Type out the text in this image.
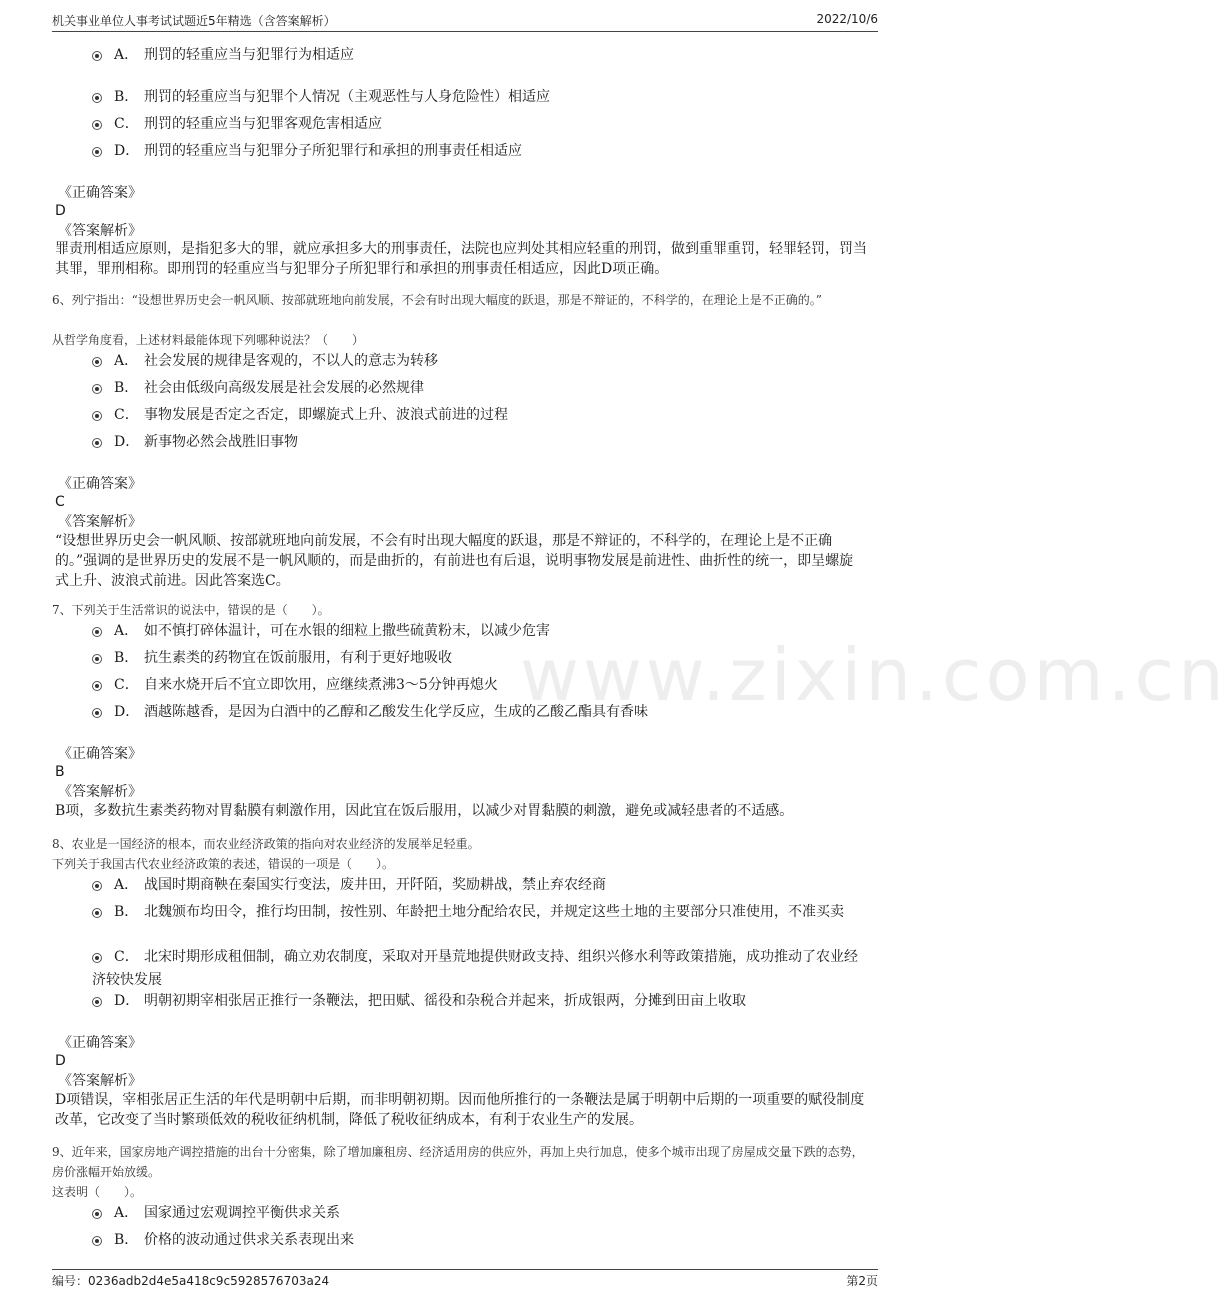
机关事业单位人事考试试题近5年精选（含答案解析）	2022/10/6
www.zixin.com.cn
A． 刑罚的轻重应当与犯罪行为相适应
B． 刑罚的轻重应当与犯罪个人情况（主观恶性与人身危险性）相适应
C． 刑罚的轻重应当与犯罪客观危害相适应
D． 刑罚的轻重应当与犯罪分子所犯罪行和承担的刑事责任相适应
《正确答案》
D
《答案解析》
罪责刑相适应原则，是指犯多大的罪，就应承担多大的刑事责任，法院也应判处其相应轻重的刑罚，做到重罪重罚，轻罪轻罚，罚当其罪，罪刑相称。即刑罚的轻重应当与犯罪分子所犯罪行和承担的刑事责任相适应，因此D项正确。
6、列宁指出：“设想世界历史会一帆风顺、按部就班地向前发展，不会有时出现大幅度的跃退，那是不辩证的，不科学的，在理论上是不正确的。”
从哲学角度看，上述材料最能体现下列哪种说法？（　　）
A． 社会发展的规律是客观的，不以人的意志为转移
B． 社会由低级向高级发展是社会发展的必然规律
C． 事物发展是否定之否定，即螺旋式上升、波浪式前进的过程
D． 新事物必然会战胜旧事物
《正确答案》
C
《答案解析》
“设想世界历史会一帆风顺、按部就班地向前发展，不会有时出现大幅度的跃退，那是不辩证的，不科学的，在理论上是不正确的。”强调的是世界历史的发展不是一帆风顺的，而是曲折的，有前进也有后退，说明事物发展是前进性、曲折性的统一，即呈螺旋式上升、波浪式前进。因此答案选C。
7、下列关于生活常识的说法中，错误的是（　　）。
A． 如不慎打碎体温计，可在水银的细粒上撒些硫黄粉末，以减少危害
B． 抗生素类的药物宜在饭前服用，有利于更好地吸收
C． 自来水烧开后不宜立即饮用，应继续煮沸3～5分钟再熄火
D． 酒越陈越香，是因为白酒中的乙醇和乙酸发生化学反应，生成的乙酸乙酯具有香味
《正确答案》
B
《答案解析》
B项，多数抗生素类药物对胃黏膜有刺激作用，因此宜在饭后服用，以减少对胃黏膜的刺激，避免或减轻患者的不适感。
8、农业是一国经济的根本，而农业经济政策的指向对农业经济的发展举足轻重。
下列关于我国古代农业经济政策的表述，错误的一项是（　　）。
A． 战国时期商鞅在秦国实行变法，废井田，开阡陌，奖励耕战，禁止弃农经商
B． 北魏颁布均田令，推行均田制，按性别、年龄把土地分配给农民，并规定这些土地的主要部分只准使用，不准买卖
C． 北宋时期形成租佃制，确立劝农制度，采取对开垦荒地提供财政支持、组织兴修水利等政策措施，成功推动了农业经济较快发展
D． 明朝初期宰相张居正推行一条鞭法，把田赋、徭役和杂税合并起来，折成银两，分摊到田亩上收取
《正确答案》
D
《答案解析》
D项错误，宰相张居正生活的年代是明朝中后期，而非明朝初期。因而他所推行的一条鞭法是属于明朝中后期的一项重要的赋役制度改革，它改变了当时繁琐低效的税收征纳机制，降低了税收征纳成本，有利于农业生产的发展。
9、近年来，国家房地产调控措施的出台十分密集，除了增加廉租房、经济适用房的供应外，再加上央行加息，使多个城市出现了房屋成交量下跌的态势，房价涨幅开始放缓。
这表明（　　）。
A． 国家通过宏观调控平衡供求关系
B． 价格的波动通过供求关系表现出来
编号：0236adb2d4e5a418c9c5928576703a24	第2页
